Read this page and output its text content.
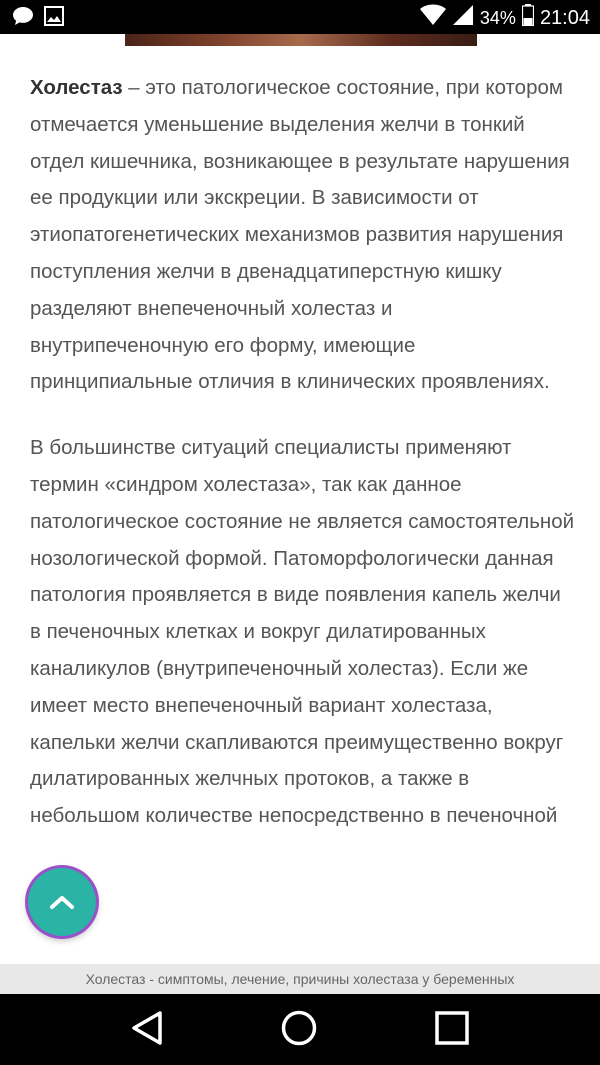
34% 21:04

Холестаз – это патологическое состояние, при котором отмечается уменьшение выделения желчи в тонкий отдел кишечника, возникающее в результате нарушения ее продукции или экскреции. В зависимости от этиопатогенетических механизмов развития нарушения поступления желчи в двенадцатиперстную кишку разделяют внепеченочный холестаз и внутрипеченочную его форму, имеющие принципиальные отличия в клинических проявлениях.

В большинстве ситуаций специалисты применяют термин «синдром холестаза», так как данное патологическое состояние не является самостоятельной нозологической формой. Патоморфологически данная патология проявляется в виде появления капель желчи в печеночных клетках и вокруг дилатированных каналикулов (внутрипеченочный холестаз). Если же имеет место внепеченочный вариант холестаза, капельки желчи скапливаются преимущественно вокруг дилатированных желчных протоков, а также в небольшом количестве непосредственно в печеночной

Холестаз - симптомы, лечение, причины холестаза у беременных
